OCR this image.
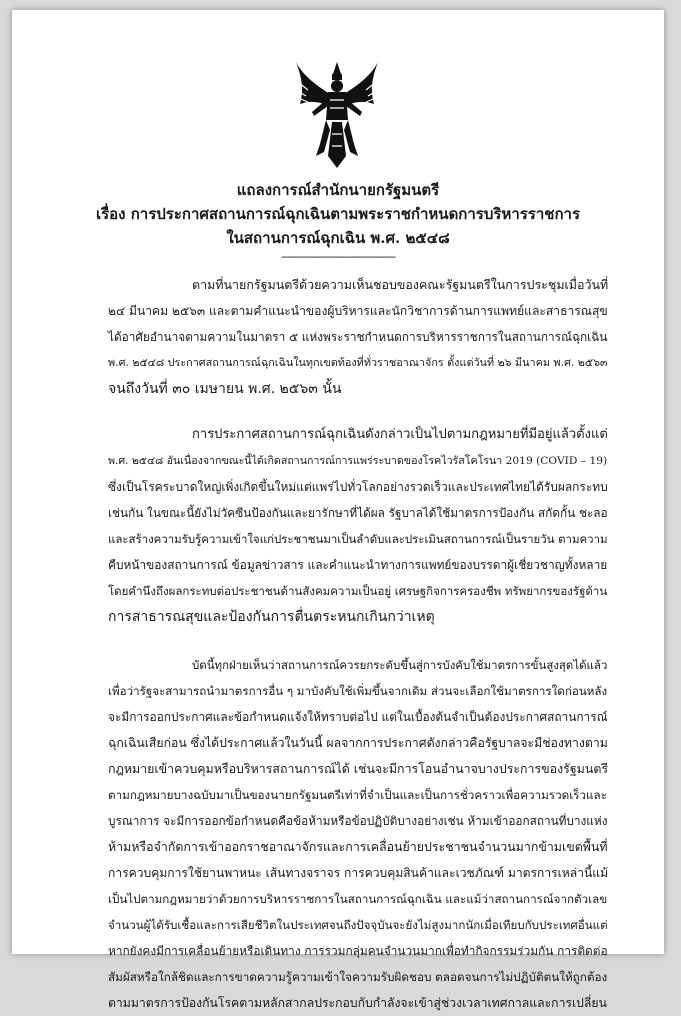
แถลงการณ์สำนักนายกรัฐมนตรี
เรื่อง การประกาศสถานการณ์ฉุกเฉินตามพระราชกำหนดการบริหารราชการ
ในสถานการณ์ฉุกเฉิน พ.ศ. ๒๕๔๘
------------------------------------------
ตามที่นายกรัฐมนตรีด้วยความเห็นชอบของคณะรัฐมนตรีในการประชุมเมื่อวันที่
๒๔ มีนาคม ๒๕๖๓ และตามคำแนะนำของผู้บริหารและนักวิชาการด้านการแพทย์และสาธารณสุข
ได้อาศัยอำนาจตามความในมาตรา ๕ แห่งพระราชกำหนดการบริหารราชการในสถานการณ์ฉุกเฉิน
พ.ศ. ๒๕๔๘ ประกาศสถานการณ์ฉุกเฉินในทุกเขตท้องที่ทั่วราชอาณาจักร ตั้งแต่วันที่ ๒๖ มีนาคม พ.ศ. ๒๕๖๓
จนถึงวันที่ ๓๐ เมษายน พ.ศ. ๒๕๖๓ นั้น
การประกาศสถานการณ์ฉุกเฉินดังกล่าวเป็นไปตามกฎหมายที่มีอยู่แล้วตั้งแต่
พ.ศ. ๒๕๔๘ อันเนื่องจากขณะนี้ได้เกิดสถานการณ์การแพร่ระบาดของโรคไวรัสโคโรนา 2019 (COVID – 19)
ซึ่งเป็นโรคระบาดใหญ่เพิ่งเกิดขึ้นใหม่แต่แพร่ไปทั่วโลกอย่างรวดเร็วและประเทศไทยได้รับผลกระทบ
เช่นกัน ในขณะนี้ยังไม่วัคซีนป้องกันและยารักษาที่ได้ผล รัฐบาลได้ใช้มาตรการป้องกัน สกัดกั้น ชะลอ
และสร้างความรับรู้ความเข้าใจแก่ประชาชนมาเป็นลำดับและประเมินสถานการณ์เป็นรายวัน ตามความ
คืบหน้าของสถานการณ์ ข้อมูลข่าวสาร และคำแนะนำทางการแพทย์ของบรรดาผู้เชี่ยวชาญทั้งหลาย
โดยคำนึงถึงผลกระทบต่อประชาชนด้านสังคมความเป็นอยู่ เศรษฐกิจการครองชีพ ทรัพยากรของรัฐด้าน
การสาธารณสุขและป้องกันการตื่นตระหนกเกินกว่าเหตุ
บัดนี้ทุกฝ่ายเห็นว่าสถานการณ์ควรยกระดับขึ้นสู่การบังคับใช้มาตรการขั้นสูงสุดได้แล้ว
เพื่อว่ารัฐจะสามารถนำมาตรการอื่น ๆ มาบังคับใช้เพิ่มขึ้นจากเดิม ส่วนจะเลือกใช้มาตรการใดก่อนหลัง
จะมีการออกประกาศและข้อกำหนดแจ้งให้ทราบต่อไป แต่ในเบื้องต้นจำเป็นต้องประกาศสถานการณ์
ฉุกเฉินเสียก่อน ซึ่งได้ประกาศแล้วในวันนี้ ผลจากการประกาศดังกล่าวคือรัฐบาลจะมีช่องทางตาม
กฎหมายเข้าควบคุมหรือบริหารสถานการณ์ได้ เช่นจะมีการโอนอำนาจบางประการของรัฐมนตรี
ตามกฎหมายบางฉบับมาเป็นของนายกรัฐมนตรีเท่าที่จำเป็นและเป็นการชั่วคราวเพื่อความรวดเร็วและ
บูรณาการ จะมีการออกข้อกำหนดคือข้อห้ามหรือข้อปฏิบัติบางอย่างเช่น ห้ามเข้าออกสถานที่บางแห่ง
ห้ามหรือจำกัดการเข้าออกราชอาณาจักรและการเคลื่อนย้ายประชาชนจำนวนมากข้ามเขตพื้นที่
การควบคุมการใช้ยานพาหนะ เส้นทางจราจร การควบคุมสินค้าและเวชภัณฑ์ มาตรการเหล่านี้แม้
เป็นไปตามกฎหมายว่าด้วยการบริหารราชการในสถานการณ์ฉุกเฉิน และแม้ว่าสถานการณ์จากตัวเลข
จำนวนผู้ได้รับเชื้อและการเสียชีวิตในประเทศจนถึงปัจจุบันจะยังไม่สูงมากนักเมื่อเทียบกับประเทศอื่นแต่
หากยังคงมีการเคลื่อนย้ายหรือเดินทาง การรวมกลุ่มคนจำนวนมากเพื่อทำกิจกรรมร่วมกัน การติดต่อ
สัมผัสหรือใกล้ชิดและการขาดความรู้ความเข้าใจความรับผิดชอบ ตลอดจนการไม่ปฏิบัติตนให้ถูกต้อง
ตามมาตรการป้องกันโรคตามหลักสากลประกอบกับกำลังจะเข้าสู่ช่วงเวลาเทศกาลและการเปลี่ยน
